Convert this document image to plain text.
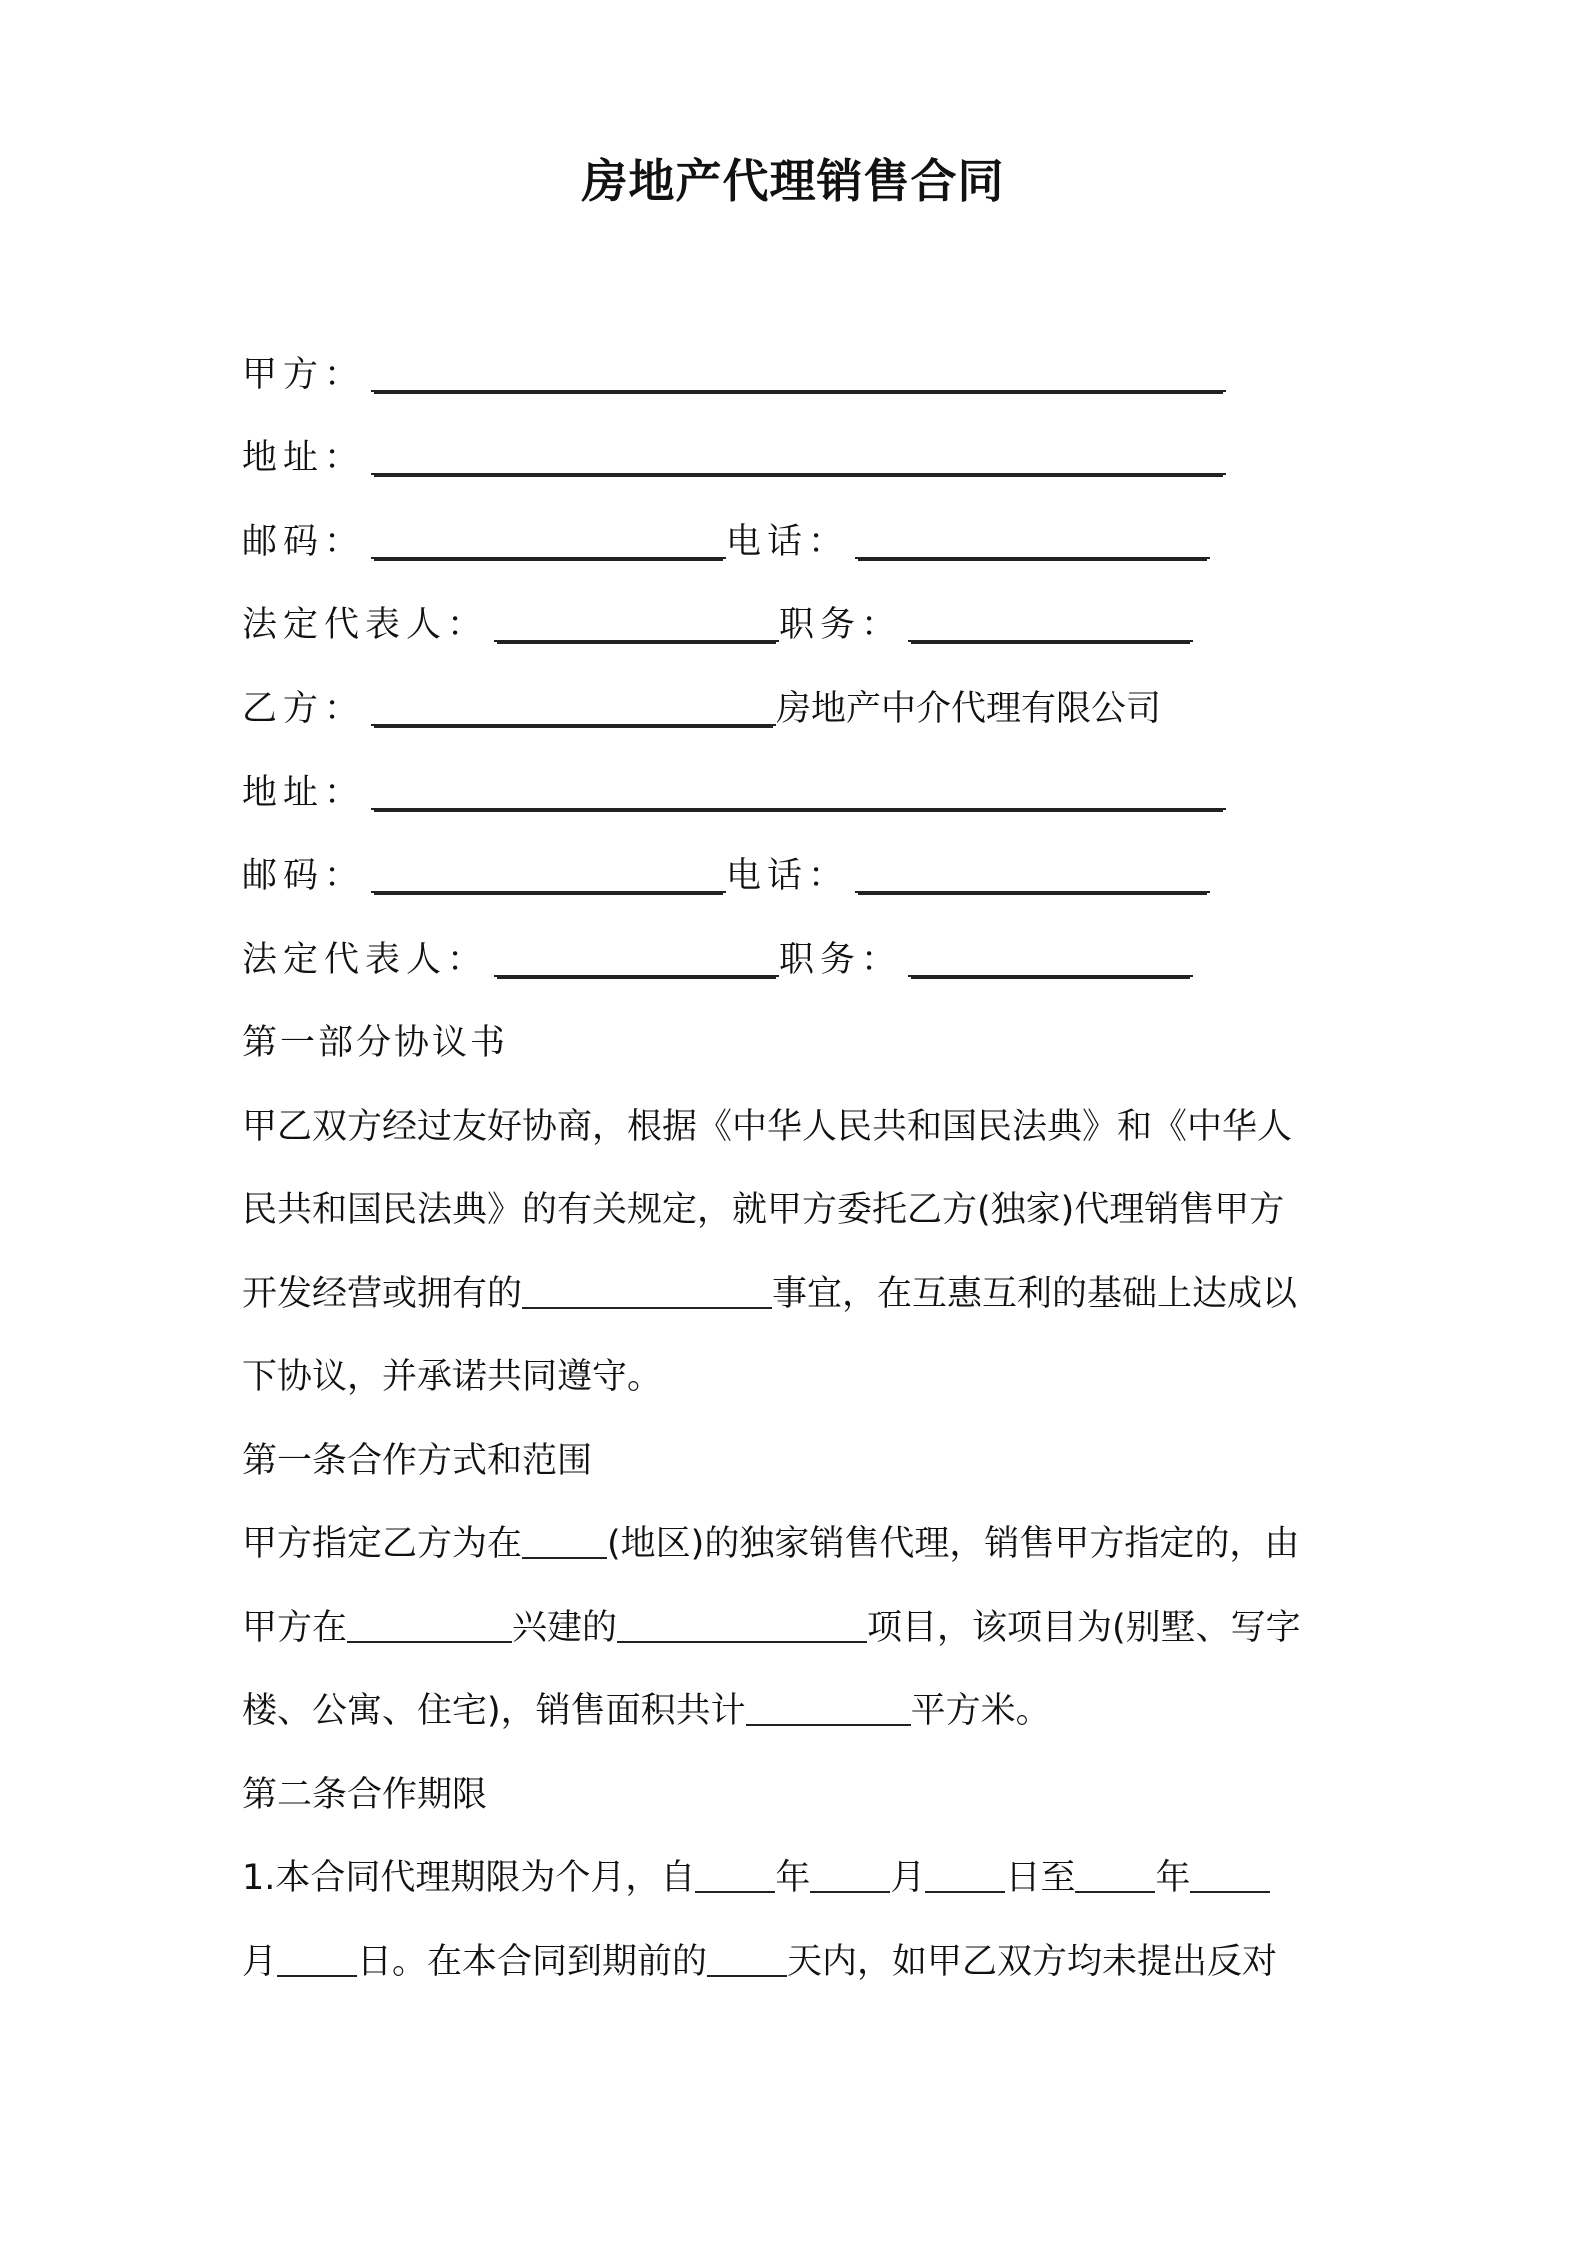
房地产代理销售合同
甲方：
地址：
邮码：	电话：
法定代表人：	职务：
乙方：	房地产中介代理有限公司
地址：
邮码：	电话：
法定代表人：	职务：
第一部分协议书
甲乙双方经过友好协商，根据《中华人民共和国民法典》和《中华人
民共和国民法典》的有关规定，就甲方委托乙方(独家)代理销售甲方
开发经营或拥有的	事宜，在互惠互利的基础上达成以
下协议，并承诺共同遵守。
第一条合作方式和范围
甲方指定乙方为在 (地区)的独家销售代理，销售甲方指定的，由
甲方在	兴建的	项目，该项目为(别墅、写字
楼、公寓、住宅)，销售面积共计	平方米。
第二条合作期限
1.本合同代理期限为个月，自 年 月 日至 年
月 日。在本合同到期前的 天内，如甲乙双方均未提出反对
